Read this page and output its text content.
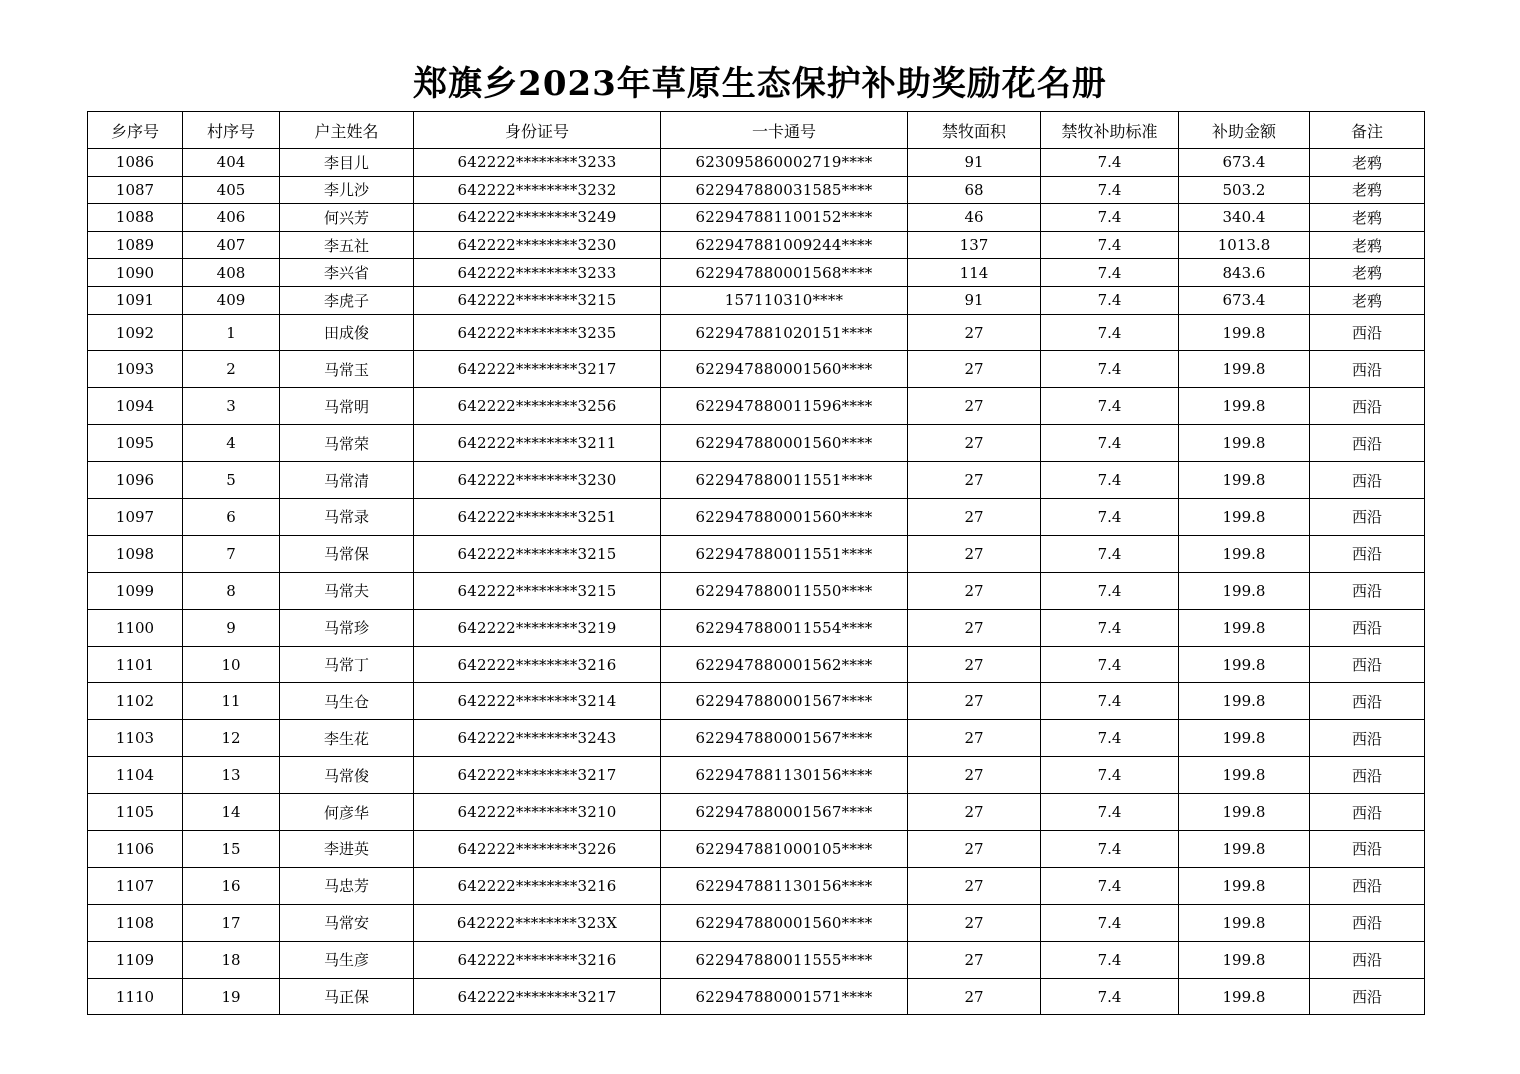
郑旗乡2023年草原生态保护补助奖励花名册
乡序号	村序号	户主姓名	身份证号	一卡通号	禁牧面积	禁牧补助标准	补助金额	备注
1086	404	李目儿	642222********3233	623095860002719****	91	7.4	673.4	老鸦
1087	405	李儿沙	642222********3232	622947880031585****	68	7.4	503.2	老鸦
1088	406	何兴芳	642222********3249	622947881100152****	46	7.4	340.4	老鸦
1089	407	李五社	642222********3230	622947881009244****	137	7.4	1013.8	老鸦
1090	408	李兴省	642222********3233	622947880001568****	114	7.4	843.6	老鸦
1091	409	李虎子	642222********3215	157110310****	91	7.4	673.4	老鸦
1092	1	田成俊	642222********3235	622947881020151****	27	7.4	199.8	西沿
1093	2	马常玉	642222********3217	622947880001560****	27	7.4	199.8	西沿
1094	3	马常明	642222********3256	622947880011596****	27	7.4	199.8	西沿
1095	4	马常荣	642222********3211	622947880001560****	27	7.4	199.8	西沿
1096	5	马常清	642222********3230	622947880011551****	27	7.4	199.8	西沿
1097	6	马常录	642222********3251	622947880001560****	27	7.4	199.8	西沿
1098	7	马常保	642222********3215	622947880011551****	27	7.4	199.8	西沿
1099	8	马常夫	642222********3215	622947880011550****	27	7.4	199.8	西沿
1100	9	马常珍	642222********3219	622947880011554****	27	7.4	199.8	西沿
1101	10	马常丁	642222********3216	622947880001562****	27	7.4	199.8	西沿
1102	11	马生仓	642222********3214	622947880001567****	27	7.4	199.8	西沿
1103	12	李生花	642222********3243	622947880001567****	27	7.4	199.8	西沿
1104	13	马常俊	642222********3217	622947881130156****	27	7.4	199.8	西沿
1105	14	何彦华	642222********3210	622947880001567****	27	7.4	199.8	西沿
1106	15	李进英	642222********3226	622947881000105****	27	7.4	199.8	西沿
1107	16	马忠芳	642222********3216	622947881130156****	27	7.4	199.8	西沿
1108	17	马常安	642222********323X	622947880001560****	27	7.4	199.8	西沿
1109	18	马生彦	642222********3216	622947880011555****	27	7.4	199.8	西沿
1110	19	马正保	642222********3217	622947880001571****	27	7.4	199.8	西沿
